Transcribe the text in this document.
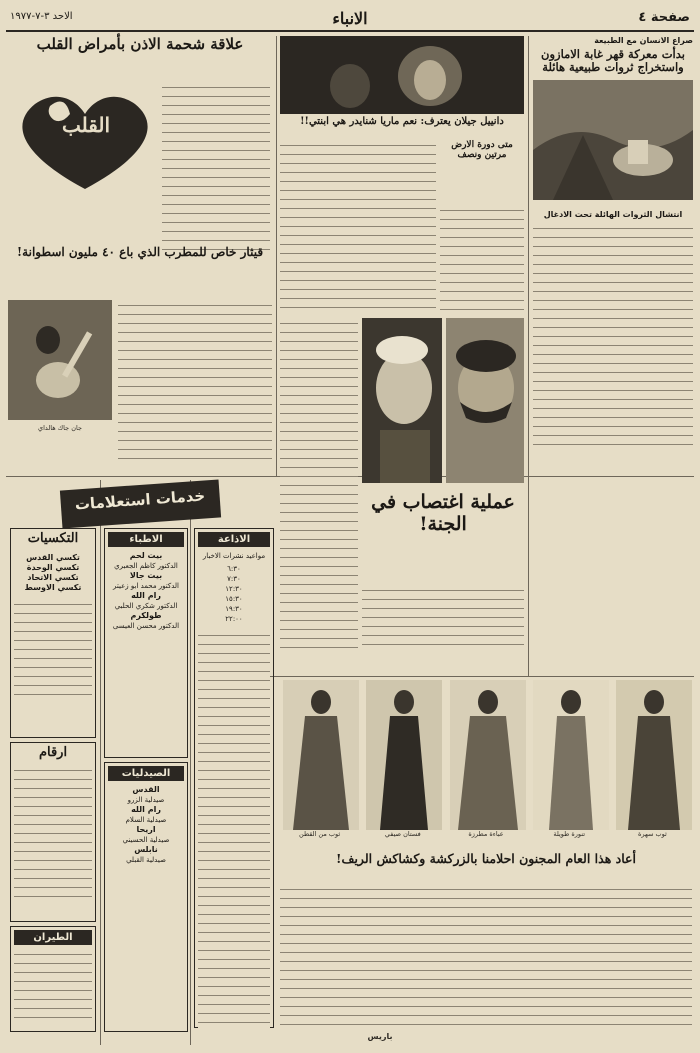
صفحة ٤
الانباء
الاحد ٣-٧-١٩٧٧
صراع الانسان مع الطبيعة
بدأت معركة قهر غابة الامازون واستخراج ثروات طبيعية هائلة
انتشال الثروات الهائلة تحت الادغال
دانييل جيلان يعترف: نعم ماريا شنايدر هي ابنتي!!
متى دورة الارض مرتين ونصف
عملية اغتصاب في الجنة!
علاقة شحمة الاذن بأمراض القلب
القلب
قيثار خاص للمطرب الذي باع ٤٠ مليون اسطوانة!
جان جاك هالداي
خدمات استعلامات
الاذاعة
مواعيد نشرات الاخبار
٦:٣٠
٧:٣٠
١٢:٣٠
١٥:٣٠
١٩:٣٠
٢٢:٠٠
الاطباء
بيت لحم
الدكتور كاظم الجعبري
بيت جالا
الدكتور محمد ابو زعيتر
رام الله
الدكتور شكري الحلبي
طولكرم
الدكتور محسن العيسى
الصيدليات
القدس
صيدلية الزرو
رام الله
صيدلية السلام
اريحا
صيدلية الحسيني
نابلس
صيدلية القبلي
التكسيات
تكسي القدس
تكسي الوحدة
تكسي الاتحاد
تكسي الاوسط
ارقام
الطيران
ثوب من القطن	فستان صيفي	عباءة مطرزة	تنورة طويلة	ثوب سهرة
أعاد هذا العام المجنون احلامنا بالزركشة وكشاكش الريف!
باريس
